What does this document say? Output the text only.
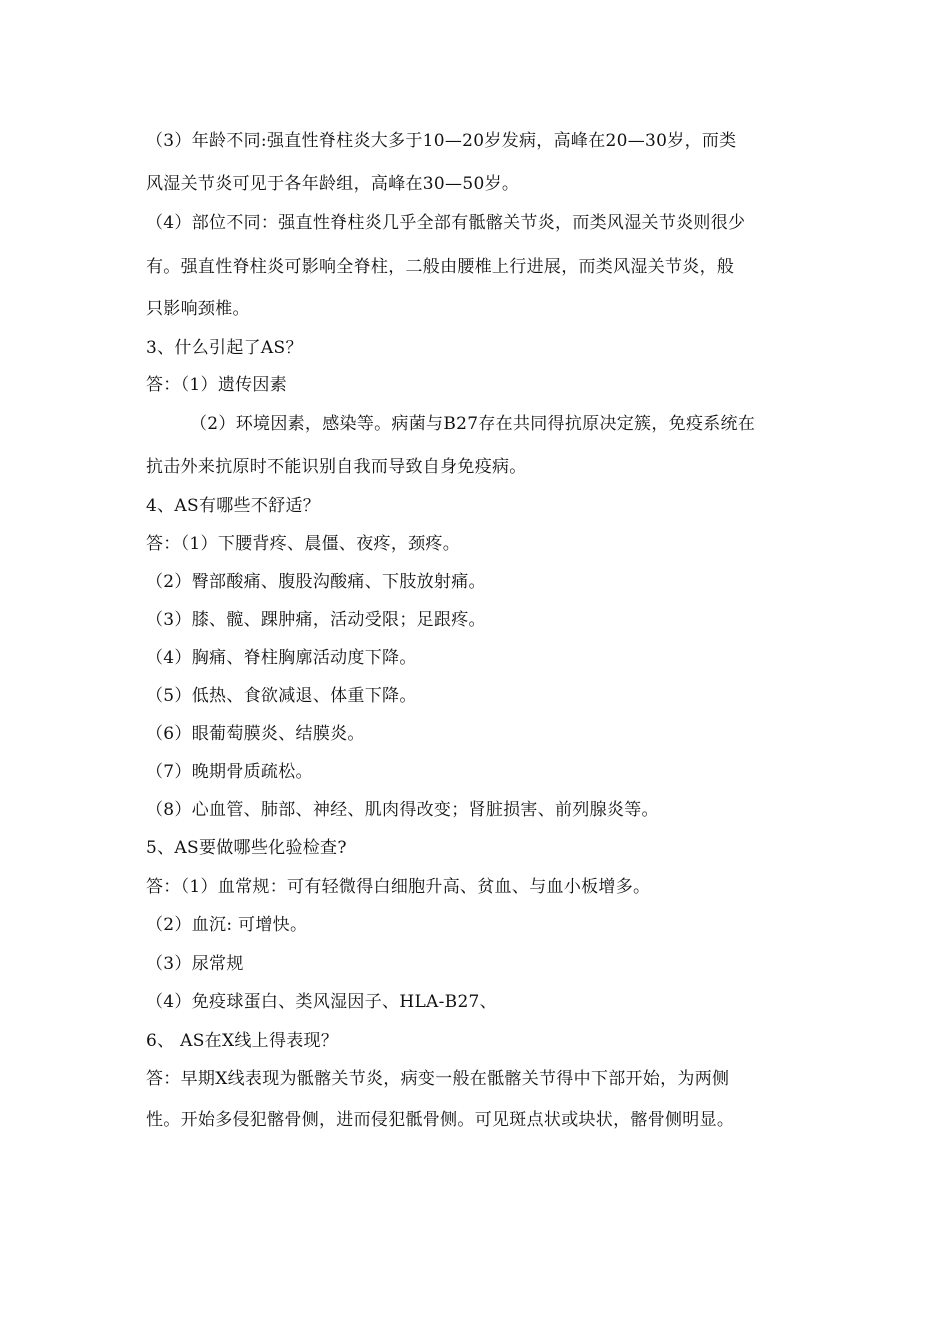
（3）年龄不同:强直性脊柱炎大多于10—20岁发病，高峰在20—30岁，而类
风湿关节炎可见于各年龄组，高峰在30—50岁。
（4）部位不同：强直性脊柱炎几乎全部有骶髂关节炎，而类风湿关节炎则很少
有。强直性脊柱炎可影响全脊柱，二般由腰椎上行进展，而类风湿关节炎，般
只影响颈椎。
3、什么引起了AS？
答：（1）遗传因素
（2）环境因素，感染等。病菌与B27存在共同得抗原决定簇，免疫系统在
抗击外来抗原时不能识别自我而导致自身免疫病。
4、AS有哪些不舒适？
答：（1）下腰背疼、晨僵、夜疼，颈疼。
（2）臀部酸痛、腹股沟酸痛、下肢放射痛。
（3）膝、髋、踝肿痛，活动受限；足跟疼。
（4）胸痛、脊柱胸廓活动度下降。
（5）低热、食欲减退、体重下降。
（6）眼葡萄膜炎、结膜炎。
（7）晚期骨质疏松。
（8）心血管、肺部、神经、肌肉得改变；肾脏损害、前列腺炎等。
5、AS要做哪些化验检查?
答：（1）血常规：可有轻微得白细胞升高、贫血、与血小板增多。
（2）血沉: 可增快。
（3）尿常规
（4）免疫球蛋白、类风湿因子、HLA-B27、
6、 AS在X线上得表现？
答：早期X线表现为骶髂关节炎，病变一般在骶髂关节得中下部开始，为两侧
性。开始多侵犯髂骨侧，进而侵犯骶骨侧。可见斑点状或块状，髂骨侧明显。
